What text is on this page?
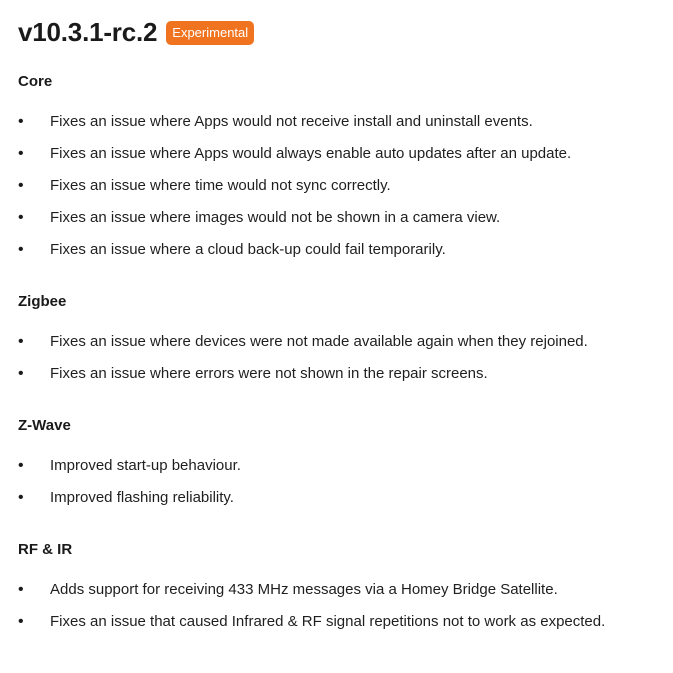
v10.3.1-rc.2	Experimental
Core
•	Fixes an issue where Apps would not receive install and uninstall events.
•	Fixes an issue where Apps would always enable auto updates after an update.
•	Fixes an issue where time would not sync correctly.
•	Fixes an issue where images would not be shown in a camera view.
•	Fixes an issue where a cloud back-up could fail temporarily.
Zigbee
•	Fixes an issue where devices were not made available again when they rejoined.
•	Fixes an issue where errors were not shown in the repair screens.
Z-Wave
•	Improved start-up behaviour.
•	Improved flashing reliability.
RF & IR
•	Adds support for receiving 433 MHz messages via a Homey Bridge Satellite.
•	Fixes an issue that caused Infrared & RF signal repetitions not to work as expected.
